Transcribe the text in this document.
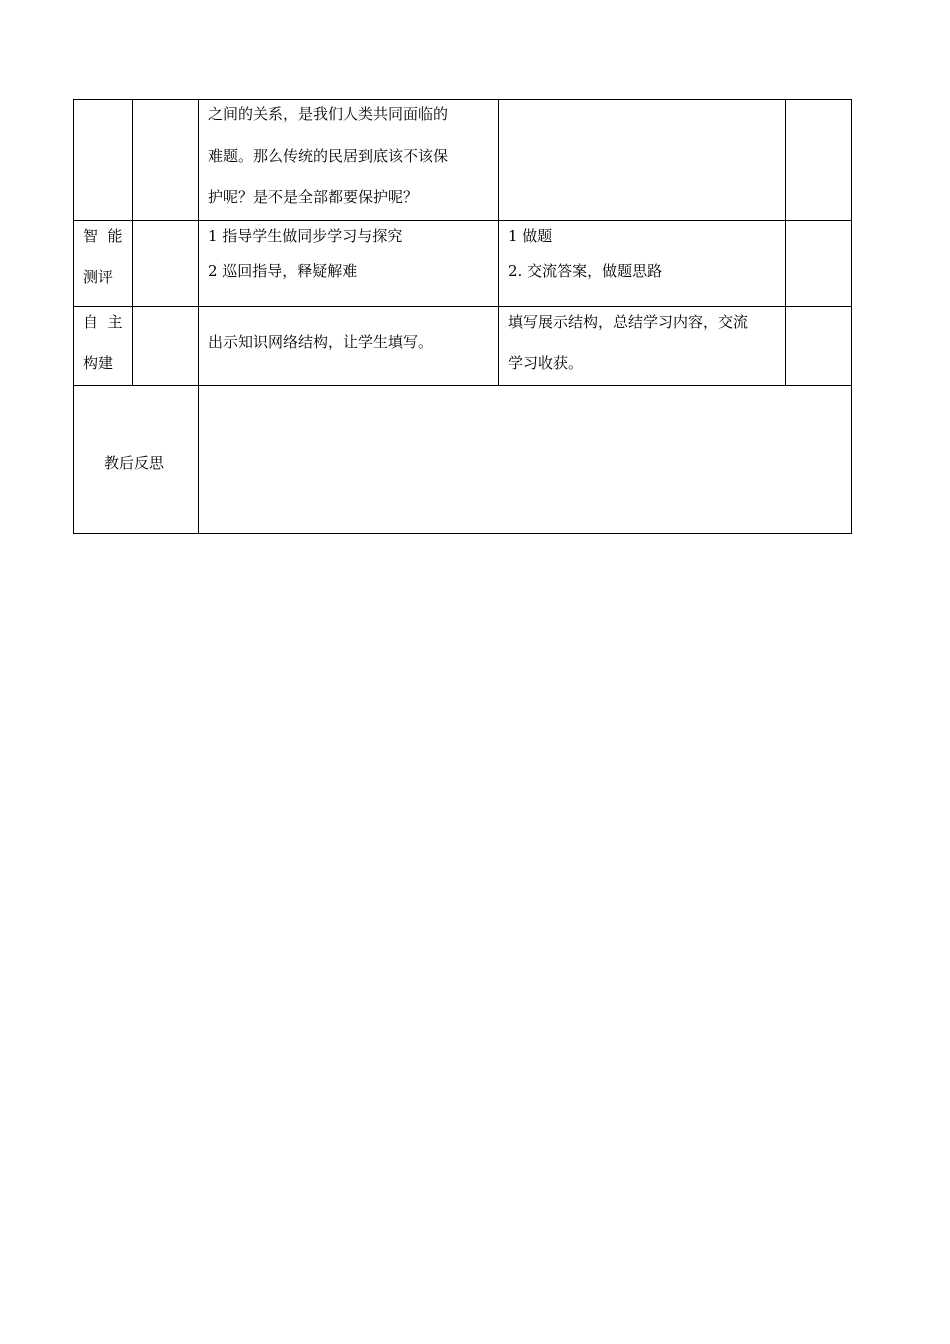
之间的关系，是我们人类共同面临的
难题。那么传统的民居到底该不该保
护呢？是不是全部都要保护呢？
智  能
测评
1 指导学生做同步学习与探究
2 巡回指导，释疑解难
1 做题
2. 交流答案，做题思路
自  主
构建
出示知识网络结构，让学生填写。
填写展示结构，总结学习内容，交流
学习收获。
教后反思
